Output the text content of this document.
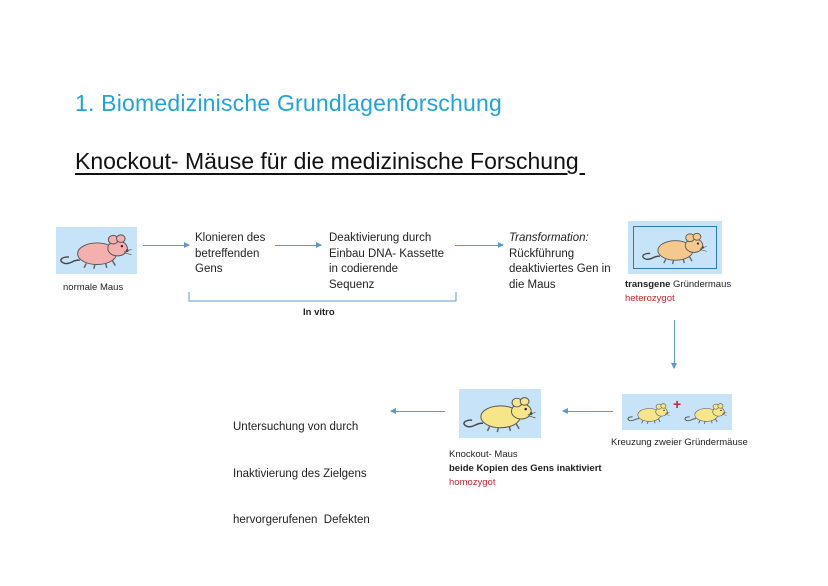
1. Biomedizinische Grundlagenforschung
Knockout- Mäuse für die medizinische Forschung
normale Maus
Klonieren des
betreffenden
Gens
Deaktivierung durch
Einbau DNA- Kassette
in codierende
Sequenz
Transformation:
Rückführung
deaktiviertes Gen in
die Maus
In vitro
transgene Gründermaus
heterozygot
+
Kreuzung zweier Gründermäuse
Knockout- Maus
beide Kopien des Gens inaktiviert
homozygot

Untersuchung von durch

Inaktivierung des Zielgens

hervorgerufenen  Defekten
